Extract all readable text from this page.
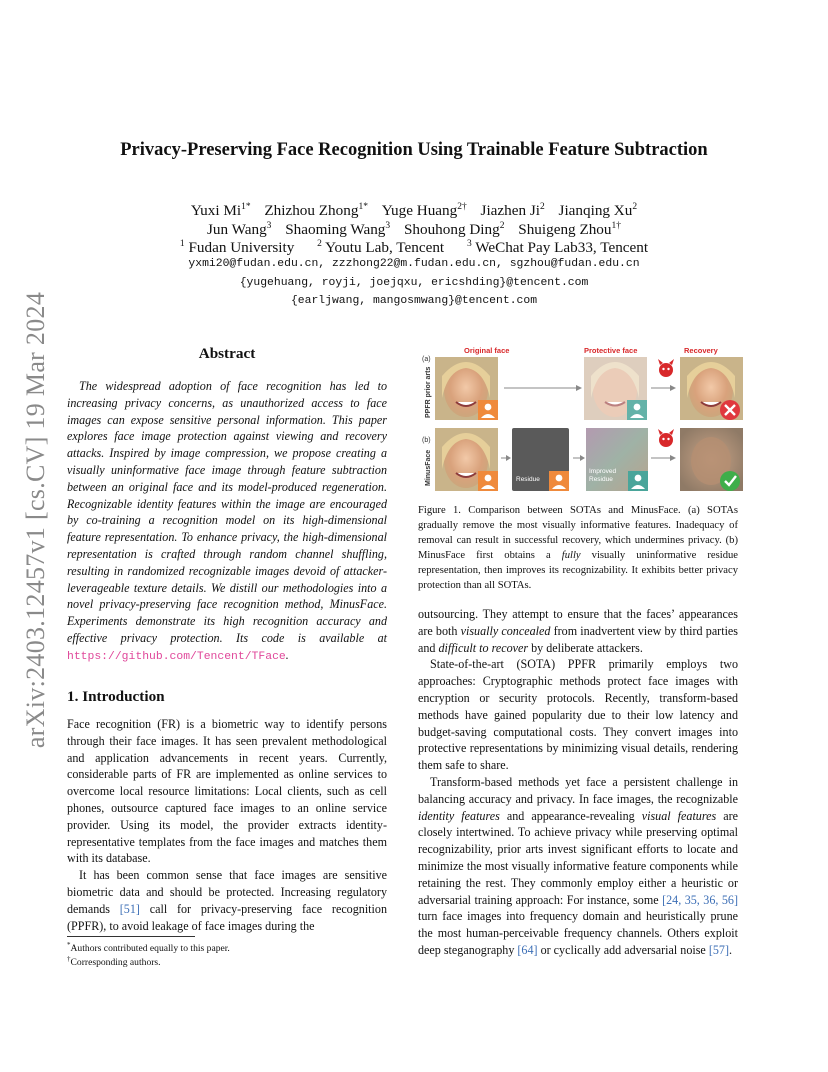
arXiv:2403.12457v1 [cs.CV] 19 Mar 2024
Privacy-Preserving Face Recognition Using Trainable Feature Subtraction
Yuxi $Mi^{1*}$ Zhizhou Zhong$^{1*}$ Yuge Huang$^{2\dagger}$ Jiazhen Ji$^2$ Jianqing Xu$^2$
Jun Wang$^3$ Shaoming Wang$^3$ Shouhong Ding$^2$ Shuigeng Zhou$^{1\dagger}$
$^1$ Fudan University $^2$ Youtu Lab, Tencent $^3$ WeChat Pay Lab33, Tencent
yxmi20@fudan.edu.cn, zzzhong22@m.fudan.edu.cn, sgzhou@fudan.edu.cn
{yugehuang, royji, joejqxu, ericshding}@tencent.com
{earljwang, mangosmwang}@tencent.com
Abstract

The widespread adoption of face recognition has led to increasing privacy concerns, as unauthorized access to face images can expose sensitive personal information. This paper explores face image protection against viewing and recovery attacks. Inspired by image compression, we propose creating a visually uninformative face image through feature subtraction between an original face and its model-produced regeneration. Recognizable identity features within the image are encouraged by co-training a recognition model on its high-dimensional feature representation. To enhance privacy, the high-dimensional representation is crafted through random channel shuffling, resulting in randomized recognizable images devoid of attacker-leverageable texture details. We distill our methodologies into a novel privacy-preserving face recognition method, MinusFace. Experiments demonstrate its high recognition accuracy and effective privacy protection. Its code is available at https://github.com/Tencent/TFace.

1. Introduction

Face recognition (FR) is a biometric way to identify persons through their face images. It has seen prevalent methodological and application advancements in recent years. Currently, considerable parts of FR are implemented as online services to overcome local resource limitations: Local clients, such as cell phones, outsource captured face images to an online service provider. Using its model, the provider extracts identity-representative templates from the face images and matches them with its database.

It has been common sense that face images are sensitive biometric data and should be protected. Increasing regulatory demands [51] call for privacy-preserving face recognition (PPFR), to avoid leakage of face images during the

Original face	Protective face	Recovery
(a)
(b)
PPFR prior arts
MinusFace	Residue
Improved
Residue
Figure 1. Comparison between SOTAs and MinusFace. (a) SOTAs gradually remove the most visually informative features. Inadequacy of removal can result in successful recovery, which undermines privacy. (b) MinusFace first obtains a fully visually uninformative residue representation, then improves its recognizability. It exhibits better privacy protection than all SOTAs.

outsourcing. They attempt to ensure that the faces’ appearances are both visually concealed from inadvertent view by third parties and difficult to recover by deliberate attackers.

State-of-the-art (SOTA) PPFR primarily employs two approaches: Cryptographic methods protect face images with encryption or security protocols. Recently, transform-based methods have gained popularity due to their low latency and budget-saving computational costs. They convert images into protective representations by minimizing visual details, rendering them safe to share.

Transform-based methods yet face a persistent challenge in balancing accuracy and privacy. In face images, the recognizable identity features and appearance-revealing visual features are closely intertwined. To achieve privacy while preserving optimal recognizability, prior arts invest significant efforts to locate and minimize the most visually informative feature components while retaining the rest. They commonly employ either a heuristic or adversarial training approach: For instance, some [24, 35, 36, 56] turn face images into frequency domain and heuristically prune the most human-perceivable frequency channels. Others exploit deep steganography [64] or cyclically add adversarial noise [57].

*Authors contributed equally to this paper.
†Corresponding authors.
